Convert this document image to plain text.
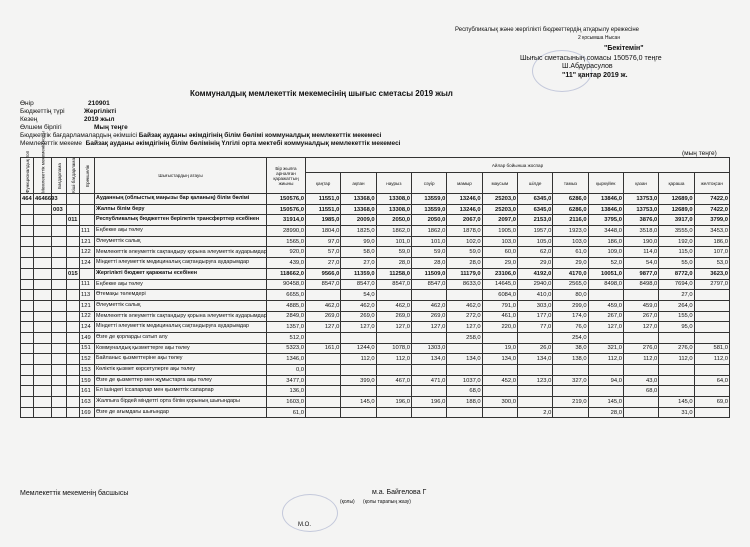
Республикалық және жергілікті бюджеттердің атқарылу ережесіне
2 қосымша Нысан
"Бекітемін"
Шығыс сметасының сомасы 150576,0 теңге
Ш.Абдурасулов
"11" қантар 2019 ж.
Коммуналдық мемлекеттік мекемесінің шығыс сметасы 2019 жыл
Өнір	210901
Бюджеттің түрі	Жергілікті
Кезең	2019 жыл
Өлшем бірлігі	Мың теңге
Бюджеттік бағдарламалардың әкімшісі Байзақ ауданы әкімдігінің білім бөлімі коммуналдық мемлекеттік мекемесі
Мемлекеттік мекеме Байзақ ауданы әкімдігінің білім бөлімінің Үлгілі орта мектебі коммуналдық мемлекеттік мекемесі
(мың теңге)
Функционалдық топ	Мемлекеттік мекеменің коды	Бағдарлама	Кіші бағдарлама	Ерекшелік	Шығыстардың атауы	Бір жылға арналған қаражаттың жиыны	Айлар бойынша жоспар											
							қаңтар	ақпан	наурыз	сәуір	мамыр	маусым	шілде	тамыз	қыркүйек	қазан	қараша	желтоқсан
464	4646693				Ауданның (облыстық маңызы бар қаланың) білім бөлімі	150576,0	11551,0	13368,0	13308,0	13559,0	13246,0	25203,0	6345,0	6286,0	13846,0	13753,0	12689,0	7422,0
		003			Жалпы білім беру	150576,0	11551,0	13368,0	13308,0	13559,0	13246,0	25203,0	6345,0	6286,0	13846,0	13753,0	12689,0	7422,0
			011		Республикалық бюджеттен берілетін трансферттер есебінен	31914,0	1985,0	2009,0	2050,0	2050,0	2067,0	2097,0	2153,0	2116,0	3795,0	3876,0	3917,0	3799,0
				111	Еңбекке ақы төлеу	28990,0	1804,0	1825,0	1862,0	1862,0	1878,0	1905,0	1957,0	1923,0	3448,0	3518,0	3555,0	3453,0
				121	Әлеуметтік салық	1565,0	97,0	99,0	101,0	101,0	102,0	103,0	105,0	103,0	186,0	190,0	192,0	186,0
				122	Мемлекеттік әлеуметтік сақтандыру қорына әлеуметтік аударымдар	920,0	57,0	58,0	59,0	59,0	59,0	60,0	62,0	61,0	109,0	114,0	115,0	107,0
				124	Міндетті әлеуметтік медициналық сақтандыруға аударымдар	439,0	27,0	27,0	28,0	28,0	28,0	29,0	29,0	29,0	52,0	54,0	55,0	53,0
			015		Жергілікті бюджет қаражаты есебінен	118662,0	9566,0	11359,0	11258,0	11509,0	11179,0	23106,0	4192,0	4170,0	10051,0	9877,0	8772,0	3623,0
				111	Еңбекке ақы төлеу	90458,0	8547,0	8547,0	8547,0	8547,0	8633,0	14645,0	2940,0	2565,0	8498,0	8498,0	7694,0	2797,0
				113	Өтемақы төлемдері	6655,0		54,0				6084,0	410,0	80,0			27,0	
				121	Әлеуметтік салық	4885,0	462,0	462,0	462,0	462,0	462,0	791,0	303,0	299,0	459,0	459,0	264,0	
				122	Мемлекеттік әлеуметтік сақтандыру қорына әлеуметтік аударымдар	2849,0	269,0	269,0	269,0	269,0	272,0	461,0	177,0	174,0	267,0	267,0	155,0	
				124	Міндетті әлеуметтік медициналық сақтандыруға аударымдар	1357,0	127,0	127,0	127,0	127,0	127,0	220,0	77,0	76,0	127,0	127,0	95,0	
				149	Өзге де қорларды сатып алу	512,0					258,0			254,0				
				151	Коммуналдық қызметтерге ақы төлеу	5323,0	161,0	1244,0	1078,0	1303,0		19,0	26,0	38,0	321,0	276,0	276,0	581,0
				152	Байланыс қызметтеріне ақы төлеу	1346,0		112,0	112,0	134,0	134,0	134,0	134,0	138,0	112,0	112,0	112,0	112,0
				153	Көліктік қызмет көрсетулерге ақы төлеу	0,0												
				159	Өзге де қызметтер мен жұмыстарға ақы төлеу	3477,0		399,0	467,0	471,0	1037,0	452,0	123,0	327,0	94,0	43,0		64,0
				161	Ел ішіндегі іссапарлар мен қызметтік сапарлар	136,0					68,0					68,0		
				163	Жалпыға бірдей міндетті орта білім қорының шығындары	1603,0		145,0	196,0	196,0	188,0	300,0		219,0	145,0		145,0	69,0
				169	Өзге де ағымдағы шығындар	61,0							2,0		28,0		31,0	
Мемлекеттік мекеменің басшысы	м.а. Байгелова Г
(қолы) (қолы тарапың жазу)
М.О.
